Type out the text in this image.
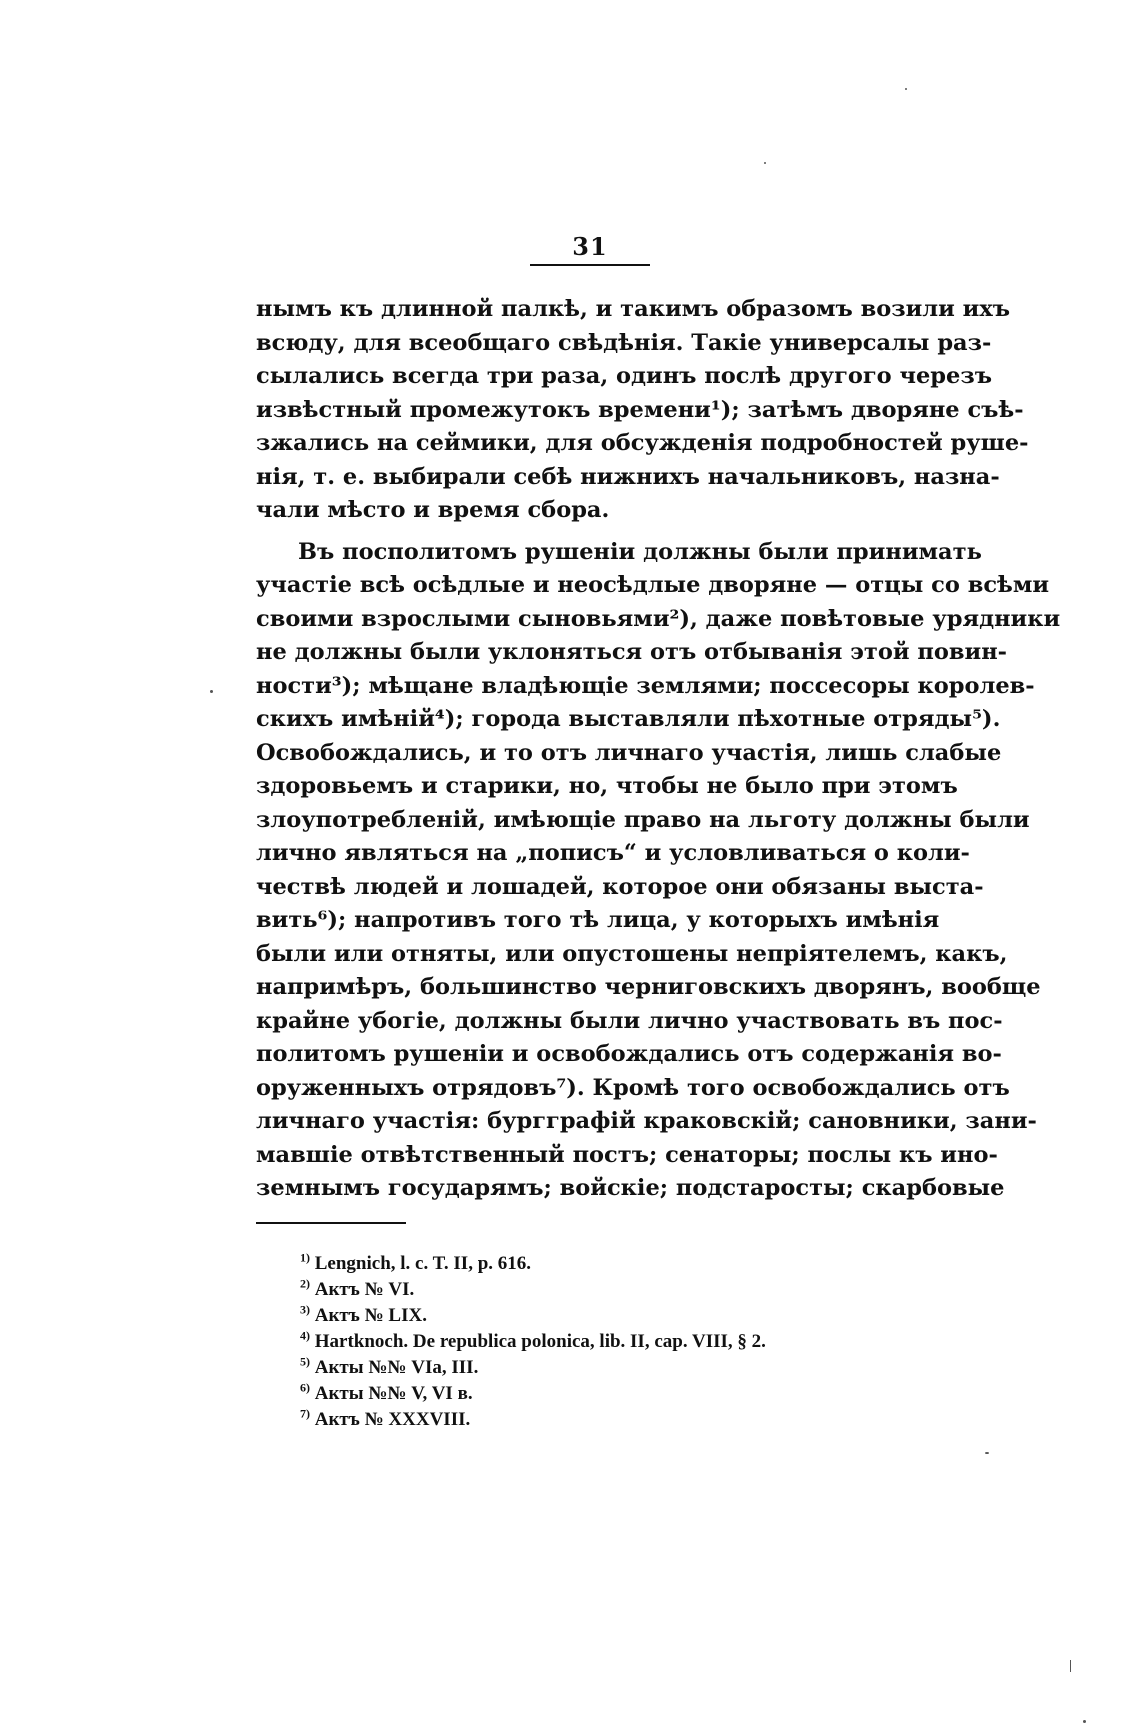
31
нымъ къ длинной палкѣ, и такимъ образомъ возили ихъ
всюду, для всеобщаго свѣдѣнія. Такіе универсалы раз-
сылались всегда три раза, одинъ послѣ другого черезъ
извѣстный промежутокъ времени¹); затѣмъ дворяне съѣ-
зжались на сеймики, для обсужденія подробностей руше-
нія, т. е. выбирали себѣ нижнихъ начальниковъ, назна-
чали мѣсто и время сбора.
Въ посполитомъ рушеніи должны были принимать
участіе всѣ осѣдлые и неосѣдлые дворяне — отцы со всѣми
своими взрослыми сыновьями²), даже повѣтовые урядники
не должны были уклоняться отъ отбыванія этой повин-
ности³); мѣщане владѣющіе землями; поссесоры королев-
скихъ имѣній⁴); города выставляли пѣхотные отряды⁵).
Освобождались, и то отъ личнаго участія, лишь слабые
здоровьемъ и старики, но, чтобы не было при этомъ
злоупотребленій, имѣющіе право на льготу должны были
лично являться на „пописъ“ и условливаться о коли-
чествѣ людей и лошадей, которое они обязаны выста-
вить⁶); напротивъ того тѣ лица, у которыхъ имѣнія
были или отняты, или опустошены непріятелемъ, какъ,
напримѣръ, большинство черниговскихъ дворянъ, вообще
крайне убогіе, должны были лично участвовать въ пос-
политомъ рушеніи и освобождались отъ содержанія во-
оруженныхъ отрядовъ⁷). Кромѣ того освобождались отъ
личнаго участія: бургграфій краковскій; сановники, зани-
мавшіе отвѣтственный постъ; сенаторы; послы къ ино-
земнымъ государямъ; войскіе; подстаросты; скарбовые
$^{1)}$ Lengnich, l. c. T. II, p. 616.
$^{2)}$ Актъ № VI.
$^{3)}$ Актъ № LIX.
$^{4)}$ Hartknoch. De republica polonica, lib. II, cap. VIII, § 2.
$^{5)}$ Акты №№ VIa, III.
$^{6)}$ Акты №№ V, VI в.
$^{7)}$ Актъ № XXXVIII.
